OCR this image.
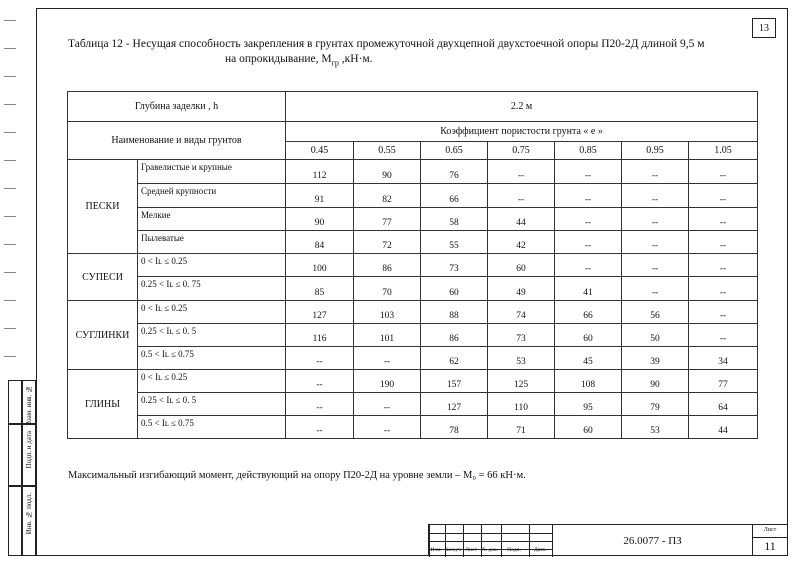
13
Таблица 12 - Несущая способность закрепления в грунтах промежуточной двухцепной двухстоечной опоры П20-2Д длиной 9,5 м
на опрокидывание, $М_{гр}$ ,кН·м.
Глубина заделки , h		2.2 м						
Наименование и виды грунтов		Коэффициент пористости грунта « е »						
		0.45	0.55	0.65	0.75	0.85	0.95	1.05
ПЕСКИ	Гравелистые и крупные	112	90	76	--	--	--	--
	Средней крупности	91	82	66	--	--	--	--
	Мелкие	90	77	58	44	--	--	--
	Пылеватые	84	72	55	42	--	--	--
СУПЕСИ	0 < Iʟ ≤ 0.25	100	86	73	60	--	--	--
	0.25 < Iʟ ≤ 0. 75	85	70	60	49	41	--	--
СУГЛИНКИ	0 < Iʟ ≤ 0.25	127	103	88	74	66	56	--
	0.25 < Iʟ ≤ 0. 5	116	101	86	73	60	50	--
	0.5 < Iʟ ≤ 0.75	--	--	62	53	45	39	34
ГЛИНЫ	0 < Iʟ ≤ 0.25	--	190	157	125	108	90	77
	0.25 < Iʟ ≤ 0. 5	--	--	127	110	95	79	64
	0.5 < Iʟ ≤ 0.75	--	--	78	71	60	53	44
Максимальный изгибающий момент, действующий на опору П20-2Д на уровне земли – М₀ = 66 кН·м.
Взам. инв. №
Подп. и дата
Инв. № подл.
Изм. Кол.уч Лист № док.	Подп.	Дата
26.0077 - ПЗ
Лист
11
